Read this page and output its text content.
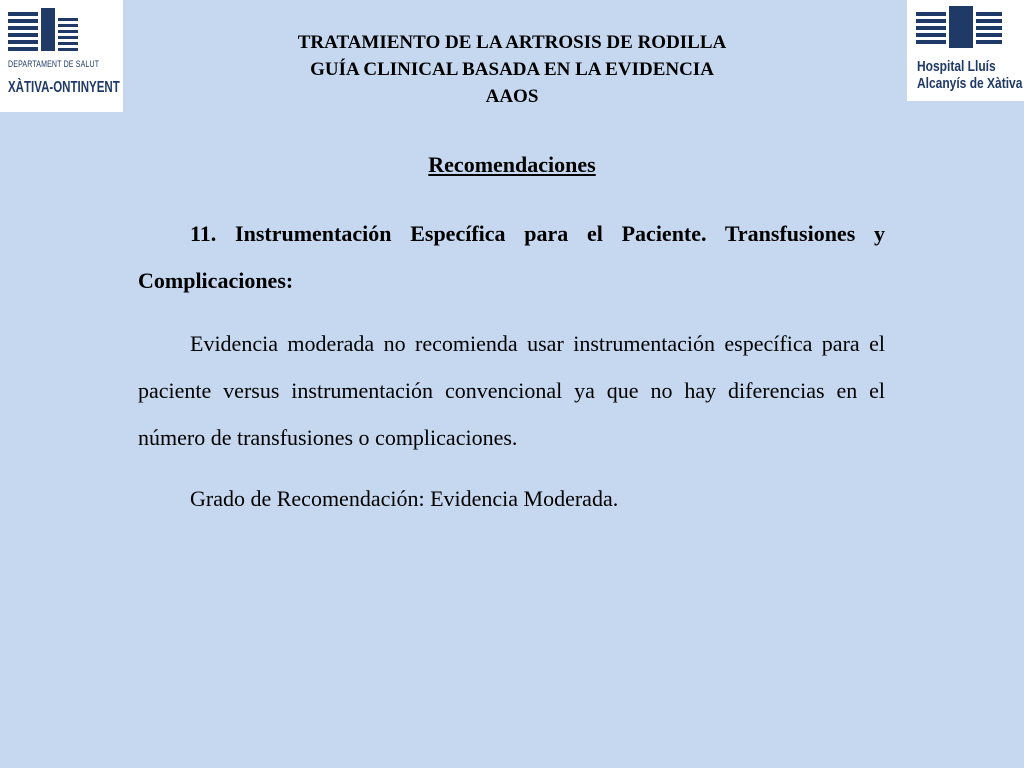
DEPARTAMENT DE SALUT
XÀTIVA-ONTINYENT
Hospital Lluís
Alcanyís de Xàtiva
TRATAMIENTO DE LA ARTROSIS DE RODILLA
GUÍA CLINICAL BASADA EN LA EVIDENCIA
AAOS
Recomendaciones

11. Instrumentación Específica para el Paciente. Transfusiones y Complicaciones:

Evidencia moderada no recomienda usar instrumentación específica para el paciente versus instrumentación convencional ya que no hay diferencias en el número de transfusiones o complicaciones.

Grado de Recomendación: Evidencia Moderada.
